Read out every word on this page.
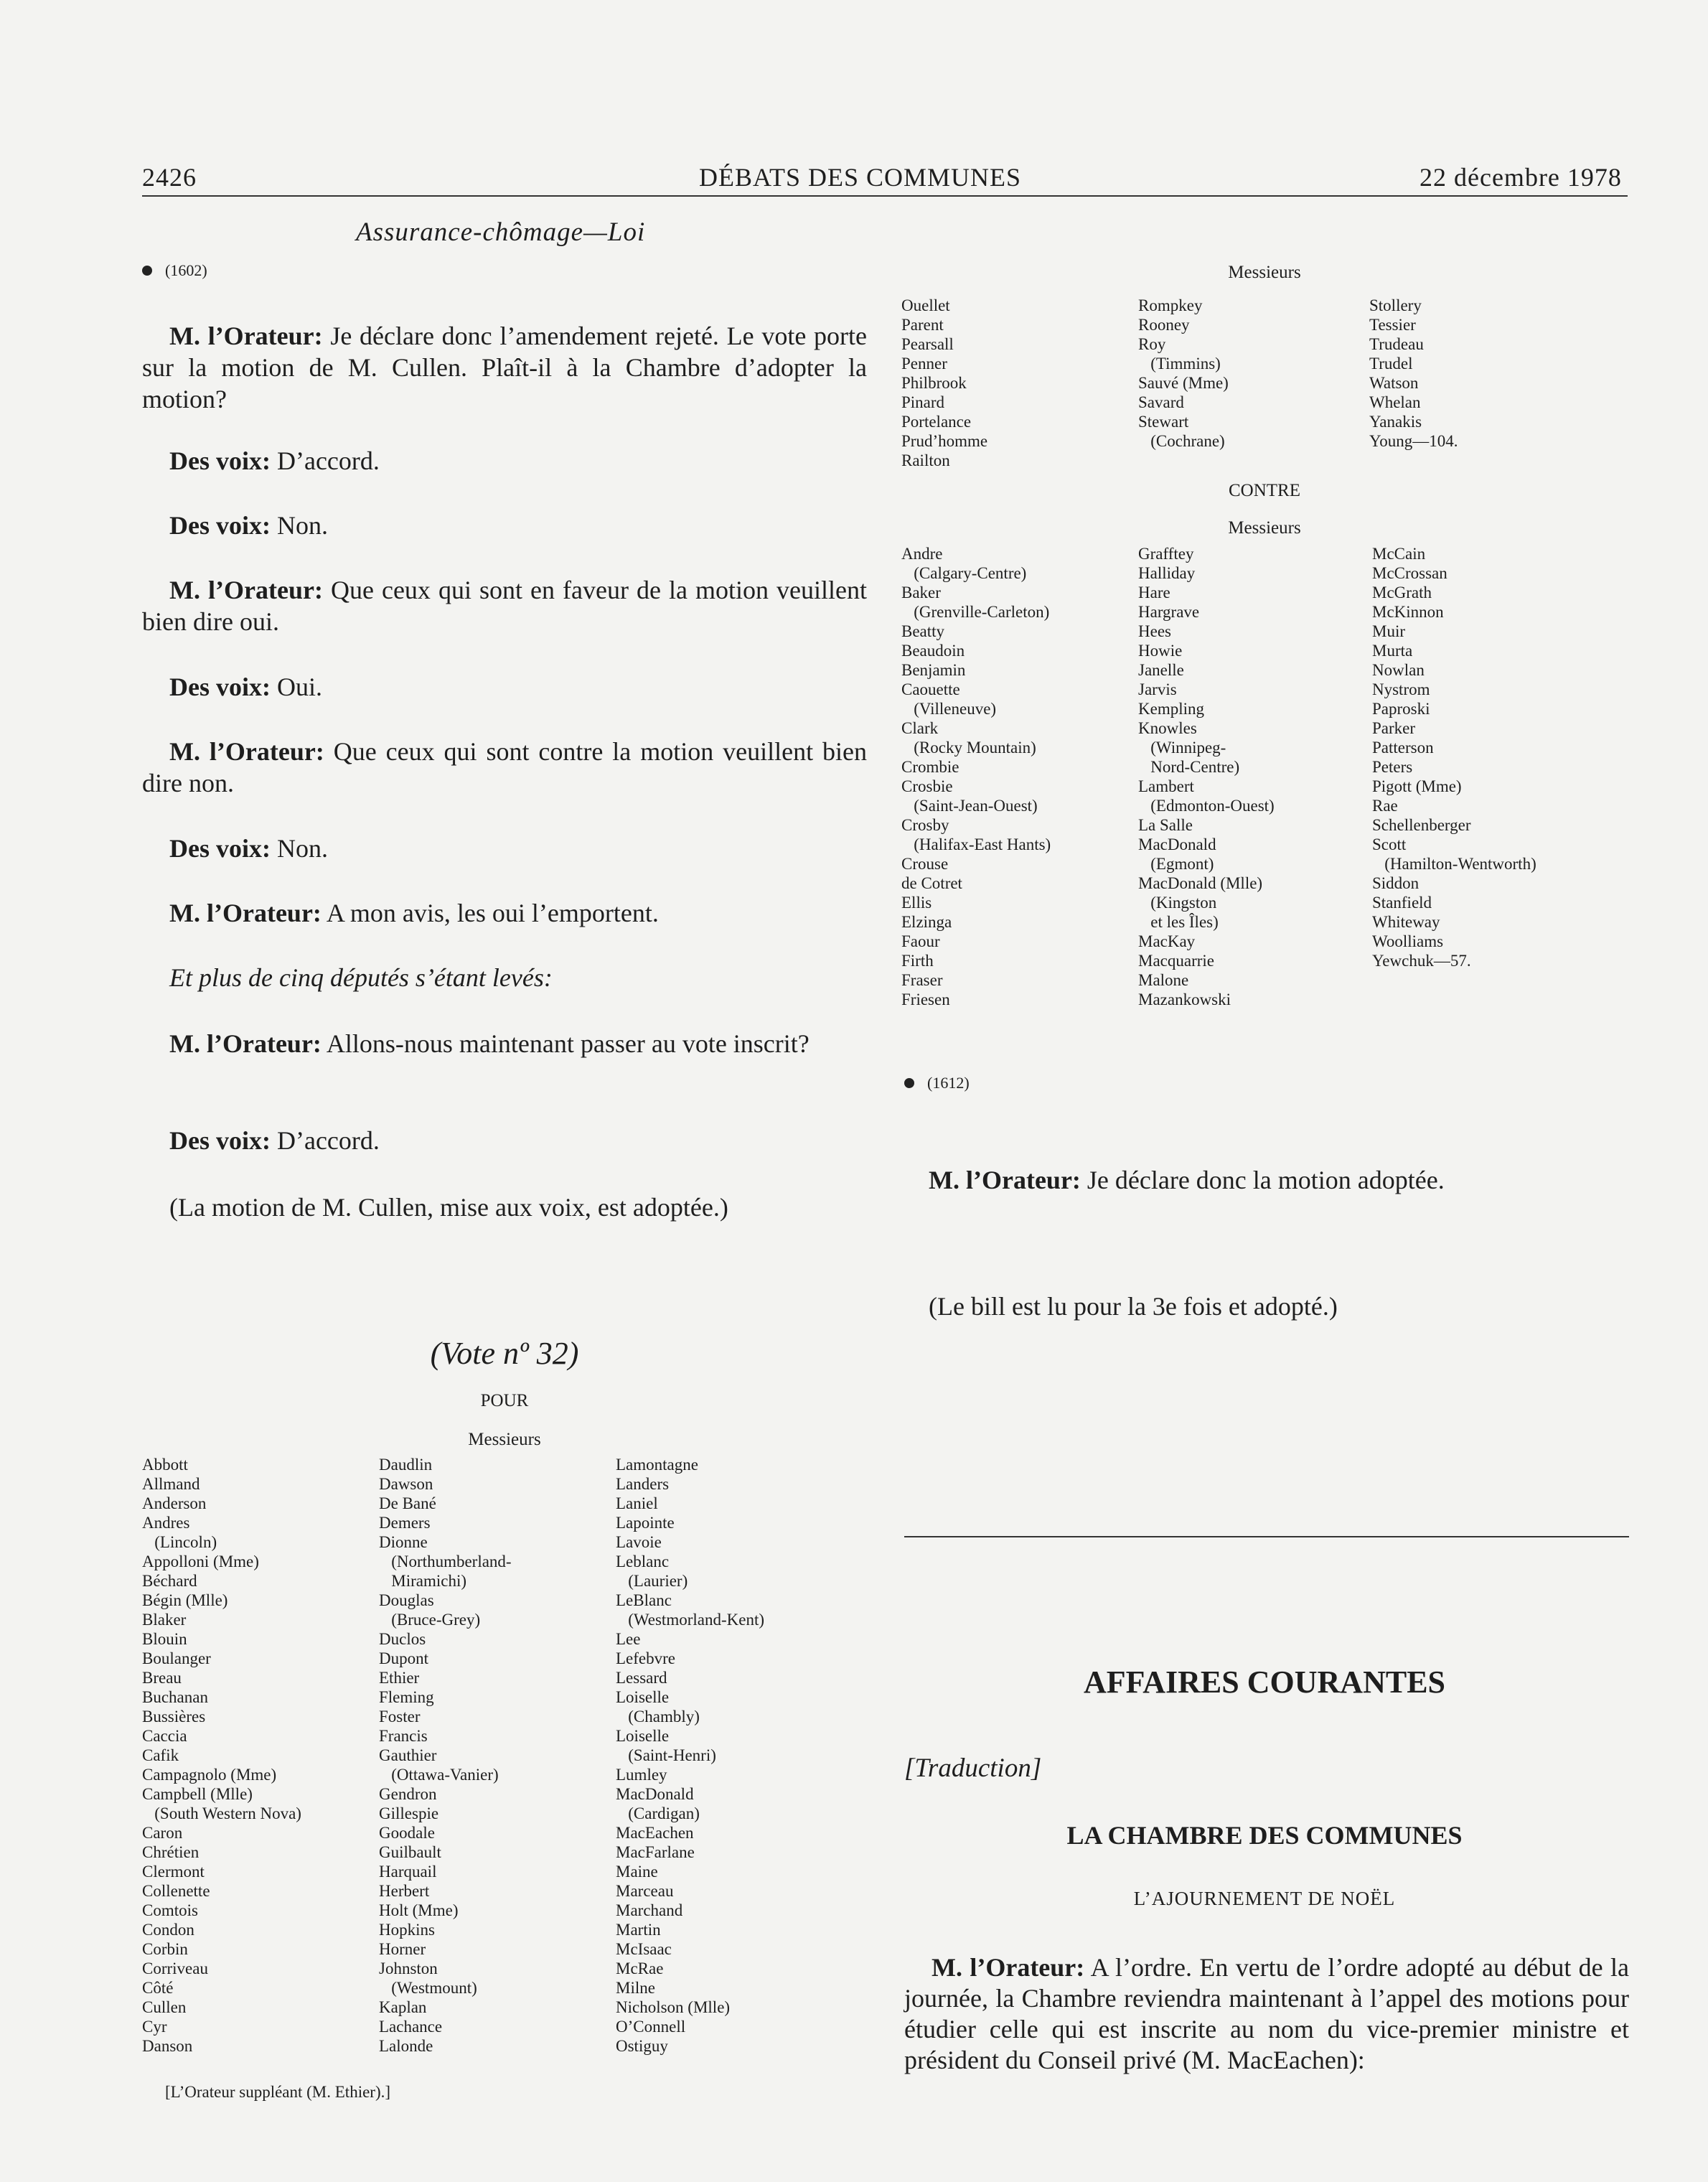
2426	DÉBATS DES COMMUNES	22 décembre 1978
Assurance-chômage—Loi
(1602)

M. l’Orateur: Je déclare donc l’amendement rejeté. Le vote porte sur la motion de M. Cullen. Plaît-il à la Chambre d’adopter la motion?

Des voix: D’accord.

Des voix: Non.

M. l’Orateur: Que ceux qui sont en faveur de la motion veuillent bien dire oui.

Des voix: Oui.

M. l’Orateur: Que ceux qui sont contre la motion veuillent bien dire non.

Des voix: Non.

M. l’Orateur: A mon avis, les oui l’emportent.

Et plus de cinq députés s’étant levés:

M. l’Orateur: Allons-nous maintenant passer au vote inscrit?

Des voix: D’accord.

(La motion de M. Cullen, mise aux voix, est adoptée.)

(Vote nº 32)
POUR
Messieurs
Abbott
Allmand
Anderson
Andres
(Lincoln)
Appolloni (Mme)
Béchard
Bégin (Mlle)
Blaker
Blouin
Boulanger
Breau
Buchanan
Bussières
Caccia
Cafik
Campagnolo (Mme)
Campbell (Mlle)
(South Western Nova)
Caron
Chrétien
Clermont
Collenette
Comtois
Condon
Corbin
Corriveau
Côté
Cullen
Cyr
Danson
Daudlin
Dawson
De Bané
Demers
Dionne
(Northumberland-
Miramichi)
Douglas
(Bruce-Grey)
Duclos
Dupont
Ethier
Fleming
Foster
Francis
Gauthier
(Ottawa-Vanier)
Gendron
Gillespie
Goodale
Guilbault
Harquail
Herbert
Holt (Mme)
Hopkins
Horner
Johnston
(Westmount)
Kaplan
Lachance
Lalonde
Lamontagne
Landers
Laniel
Lapointe
Lavoie
Leblanc
(Laurier)
LeBlanc
(Westmorland-Kent)
Lee
Lefebvre
Lessard
Loiselle
(Chambly)
Loiselle
(Saint-Henri)
Lumley
MacDonald
(Cardigan)
MacEachen
MacFarlane
Maine
Marceau
Marchand
Martin
McIsaac
McRae
Milne
Nicholson (Mlle)
O’Connell
Ostiguy
[L’Orateur suppléant (M. Ethier).]
Messieurs
Ouellet
Parent
Pearsall
Penner
Philbrook
Pinard
Portelance
Prud’homme
Railton
Rompkey
Rooney
Roy
(Timmins)
Sauvé (Mme)
Savard
Stewart
(Cochrane)
Stollery
Tessier
Trudeau
Trudel
Watson
Whelan
Yanakis
Young—104.
CONTRE
Messieurs
Andre
(Calgary-Centre)
Baker
(Grenville-Carleton)
Beatty
Beaudoin
Benjamin
Caouette
(Villeneuve)
Clark
(Rocky Mountain)
Crombie
Crosbie
(Saint-Jean-Ouest)
Crosby
(Halifax-East Hants)
Crouse
de Cotret
Ellis
Elzinga
Faour
Firth
Fraser
Friesen
Grafftey
Halliday
Hare
Hargrave
Hees
Howie
Janelle
Jarvis
Kempling
Knowles
(Winnipeg-
Nord-Centre)
Lambert
(Edmonton-Ouest)
La Salle
MacDonald
(Egmont)
MacDonald (Mlle)
(Kingston
et les Îles)
MacKay
Macquarrie
Malone
Mazankowski
McCain
McCrossan
McGrath
McKinnon
Muir
Murta
Nowlan
Nystrom
Paproski
Parker
Patterson
Peters
Pigott (Mme)
Rae
Schellenberger
Scott
(Hamilton-Wentworth)
Siddon
Stanfield
Whiteway
Woolliams
Yewchuk—57.
(1612)

M. l’Orateur: Je déclare donc la motion adoptée.

(Le bill est lu pour la 3e fois et adopté.)

AFFAIRES COURANTES
[Traduction]
LA CHAMBRE DES COMMUNES
L’AJOURNEMENT DE NOËL

M. l’Orateur: A l’ordre. En vertu de l’ordre adopté au début de la journée, la Chambre reviendra maintenant à l’appel des motions pour étudier celle qui est inscrite au nom du vice-premier ministre et président du Conseil privé (M. MacEachen):
